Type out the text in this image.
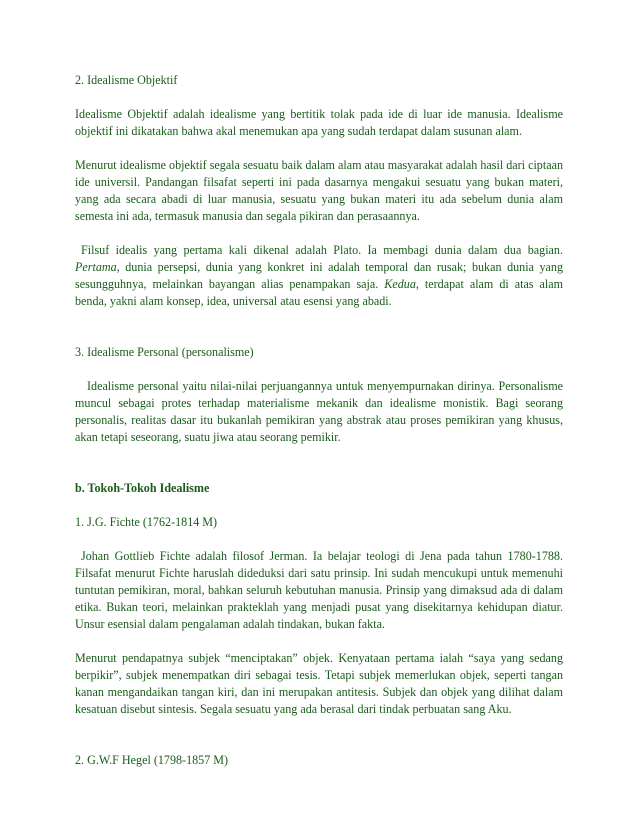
2. Idealisme Objektif

Idealisme Objektif adalah idealisme yang bertitik tolak pada ide di luar ide manusia. Idealisme objektif ini dikatakan bahwa akal menemukan apa yang sudah terdapat dalam susunan alam.

Menurut idealisme objektif segala sesuatu baik dalam alam atau masyarakat adalah hasil dari ciptaan ide universil. Pandangan filsafat seperti ini pada dasarnya mengakui sesuatu yang bukan materi, yang ada secara abadi di luar manusia, sesuatu yang bukan materi itu ada sebelum dunia alam semesta ini ada, termasuk manusia dan segala pikiran dan perasaannya.

Filsuf idealis yang pertama kali dikenal adalah Plato. Ia membagi dunia dalam dua bagian. Pertama, dunia persepsi, dunia yang konkret ini adalah temporal dan rusak; bukan dunia yang sesungguhnya, melainkan bayangan alias penampakan saja. Kedua, terdapat alam di atas alam benda, yakni alam konsep, idea, universal atau esensi yang abadi.

3. Idealisme Personal (personalisme)

Idealisme personal yaitu nilai-nilai perjuangannya untuk menyempurnakan dirinya. Personalisme muncul sebagai protes terhadap materialisme mekanik dan idealisme monistik. Bagi seorang personalis, realitas dasar itu bukanlah pemikiran yang abstrak atau proses pemikiran yang khusus, akan tetapi seseorang, suatu jiwa atau seorang pemikir.

b. Tokoh-Tokoh Idealisme

1. J.G. Fichte (1762-1814 M)

Johan Gottlieb Fichte adalah filosof Jerman. Ia belajar teologi di Jena pada tahun 1780-1788. Filsafat menurut Fichte haruslah dideduksi dari satu prinsip. Ini sudah mencukupi untuk memenuhi tuntutan pemikiran, moral, bahkan seluruh kebutuhan manusia. Prinsip yang dimaksud ada di dalam etika. Bukan teori, melainkan prakteklah yang menjadi pusat yang disekitarnya kehidupan diatur. Unsur esensial dalam pengalaman adalah tindakan, bukan fakta.

Menurut pendapatnya subjek “menciptakan” objek. Kenyataan pertama ialah “saya yang sedang berpikir”, subjek menempatkan diri sebagai tesis. Tetapi subjek memerlukan objek, seperti tangan kanan mengandaikan tangan kiri, dan ini merupakan antitesis. Subjek dan objek yang dilihat dalam kesatuan disebut sintesis. Segala sesuatu yang ada berasal dari tindak perbuatan sang Aku.

2. G.W.F Hegel (1798-1857 M)
